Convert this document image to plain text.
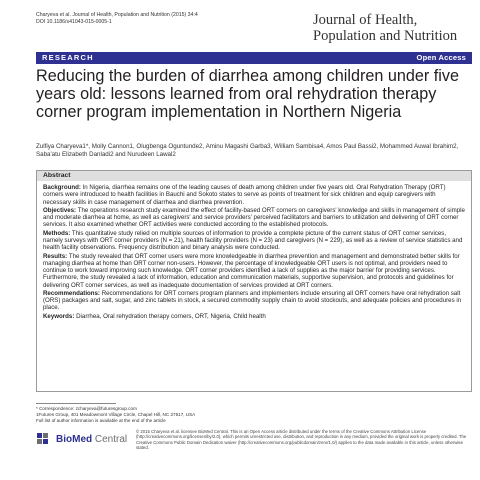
Charyeva et al. Journal of Health, Population and Nutrition (2015) 34:4
DOI 10.1186/s41043-015-0005-1	Journal of Health,
Population and Nutrition
RESEARCH	Open Access
Reducing the burden of diarrhea among children under five years old: lessons learned from oral rehydration therapy corner program implementation in Northern Nigeria
Zulfiya Charyeva1*, Molly Cannon1, Olugbenga Oguntunde2, Aminu Magashi Garba3, William Sambisa4, Amos Paul Bassi2, Mohammed Auwal Ibrahim2, Saba'atu Elizabeth Danladi2 and Nurudeen Lawal2
Abstract

Background: In Nigeria, diarrhea remains one of the leading causes of death among children under five years old. Oral Rehydration Therapy (ORT) corners were introduced to health facilities in Bauchi and Sokoto states to serve as points of treatment for sick children and equip caregivers with necessary skills in case management of diarrhea and diarrhea prevention.

Objectives: The operations research study examined the effect of facility-based ORT corners on caregivers' knowledge and skills in management of simple and moderate diarrhea at home, as well as caregivers' and service providers' perceived facilitators and barriers to utilization and delivering of ORT corner services. It also examined whether ORT activities were conducted according to the established protocols.

Methods: This quantitative study relied on multiple sources of information to provide a complete picture of the current status of ORT corner services, namely surveys with ORT corner providers (N = 21), health facility providers (N = 23) and caregivers (N = 229), as well as a review of service statistics and health facility observations. Frequency distribution and binary analysis were conducted.

Results: The study revealed that ORT corner users were more knowledgeable in diarrhea prevention and management and demonstrated better skills for managing diarrhea at home than ORT corner non-users. However, the percentage of knowledgeable ORT users is not optimal, and providers need to continue to work toward improving such knowledge. ORT corner providers identified a lack of supplies as the major barrier for providing services. Furthermore, the study revealed a lack of information, education and communication materials, supportive supervision, and protocols and guidelines for delivering ORT corner services, as well as inadequate documentation of services provided at ORT corners.

Recommendations: Recommendations for ORT corners program planners and implementers include ensuring all ORT corners have oral rehydration salt (ORS) packages and salt, sugar, and zinc tablets in stock, a secured commodity supply chain to avoid stockouts, and adequate policies and procedures in place.

Keywords: Diarrhea, Oral rehydration therapy corners, ORT, Nigeria, Child health

* Correspondence: zcharyeva@futuresgroup.com
1Futures Group, 401 Meadowmont Village Circle, Chapel Hill, NC 27517, USA
Full list of author information is available at the end of the article
BioMed Central
© 2015 Charyeva et al. licensee BioMed Central. This is an Open Access article distributed under the terms of the Creative Commons Attribution License (http://creativecommons.org/licenses/by/2.0), which permits unrestricted use, distribution, and reproduction in any medium, provided the original work is properly credited. The Creative Commons Public Domain Dedication waiver (http://creativecommons.org/publicdomain/zero/1.0/) applies to the data made available in this article, unless otherwise stated.
